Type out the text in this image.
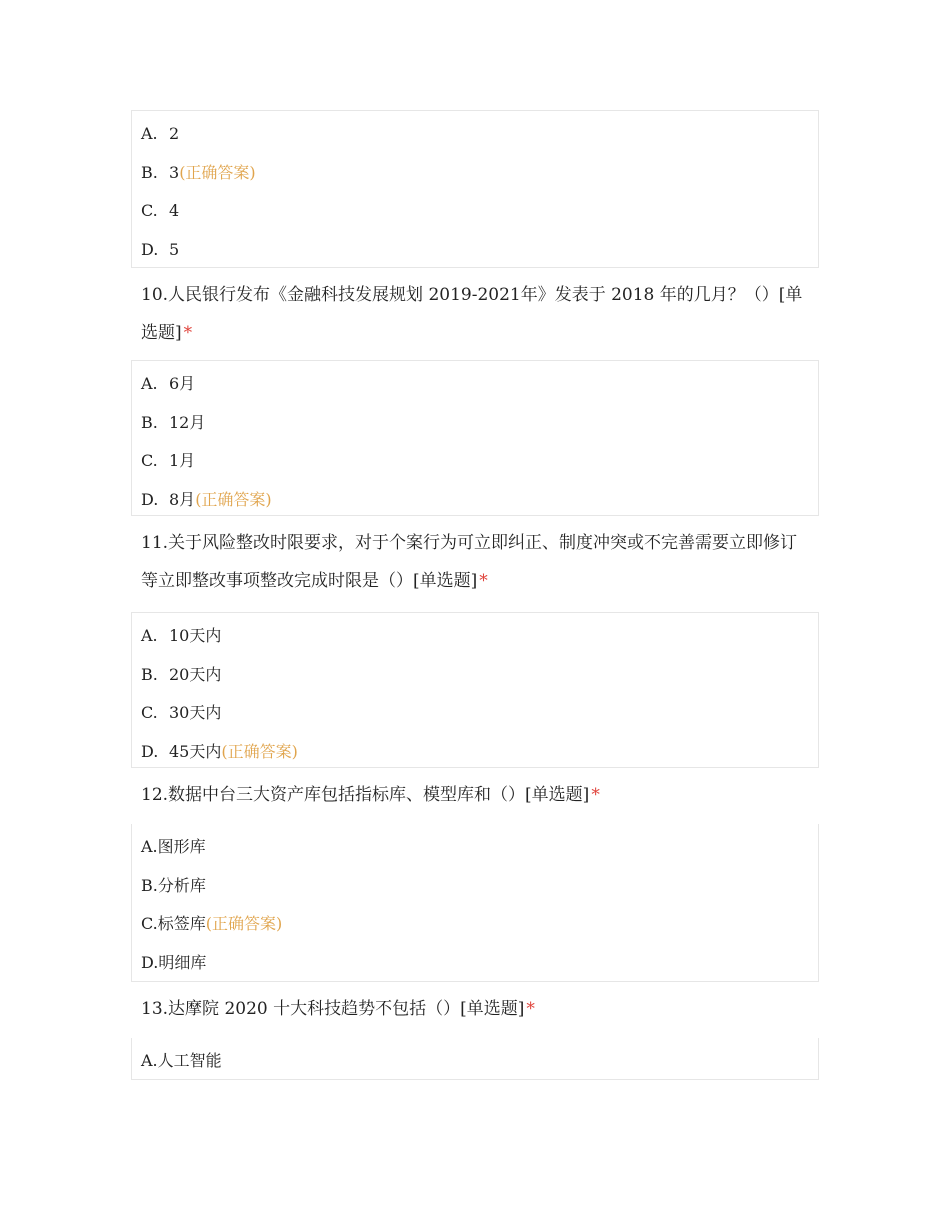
A. 2
B. 3(正确答案)
C. 4
D. 5
10.人民银行发布《金融科技发展规划 2019-2021年》发表于 2018 年的几月？（）[单选题] *
A. 6月
B. 12月
C. 1月
D. 8月(正确答案)
11.关于风险整改时限要求，对于个案行为可立即纠正、制度冲突或不完善需要立即修订等立即整改事项整改完成时限是（）[单选题] *
A. 10天内
B. 20天内
C. 30天内
D. 45天内(正确答案)
12.数据中台三大资产库包括指标库、模型库和（）[单选题] *
A.图形库
B.分析库
C.标签库(正确答案)
D.明细库
13.达摩院 2020 十大科技趋势不包括（）[单选题] *
A.人工智能
